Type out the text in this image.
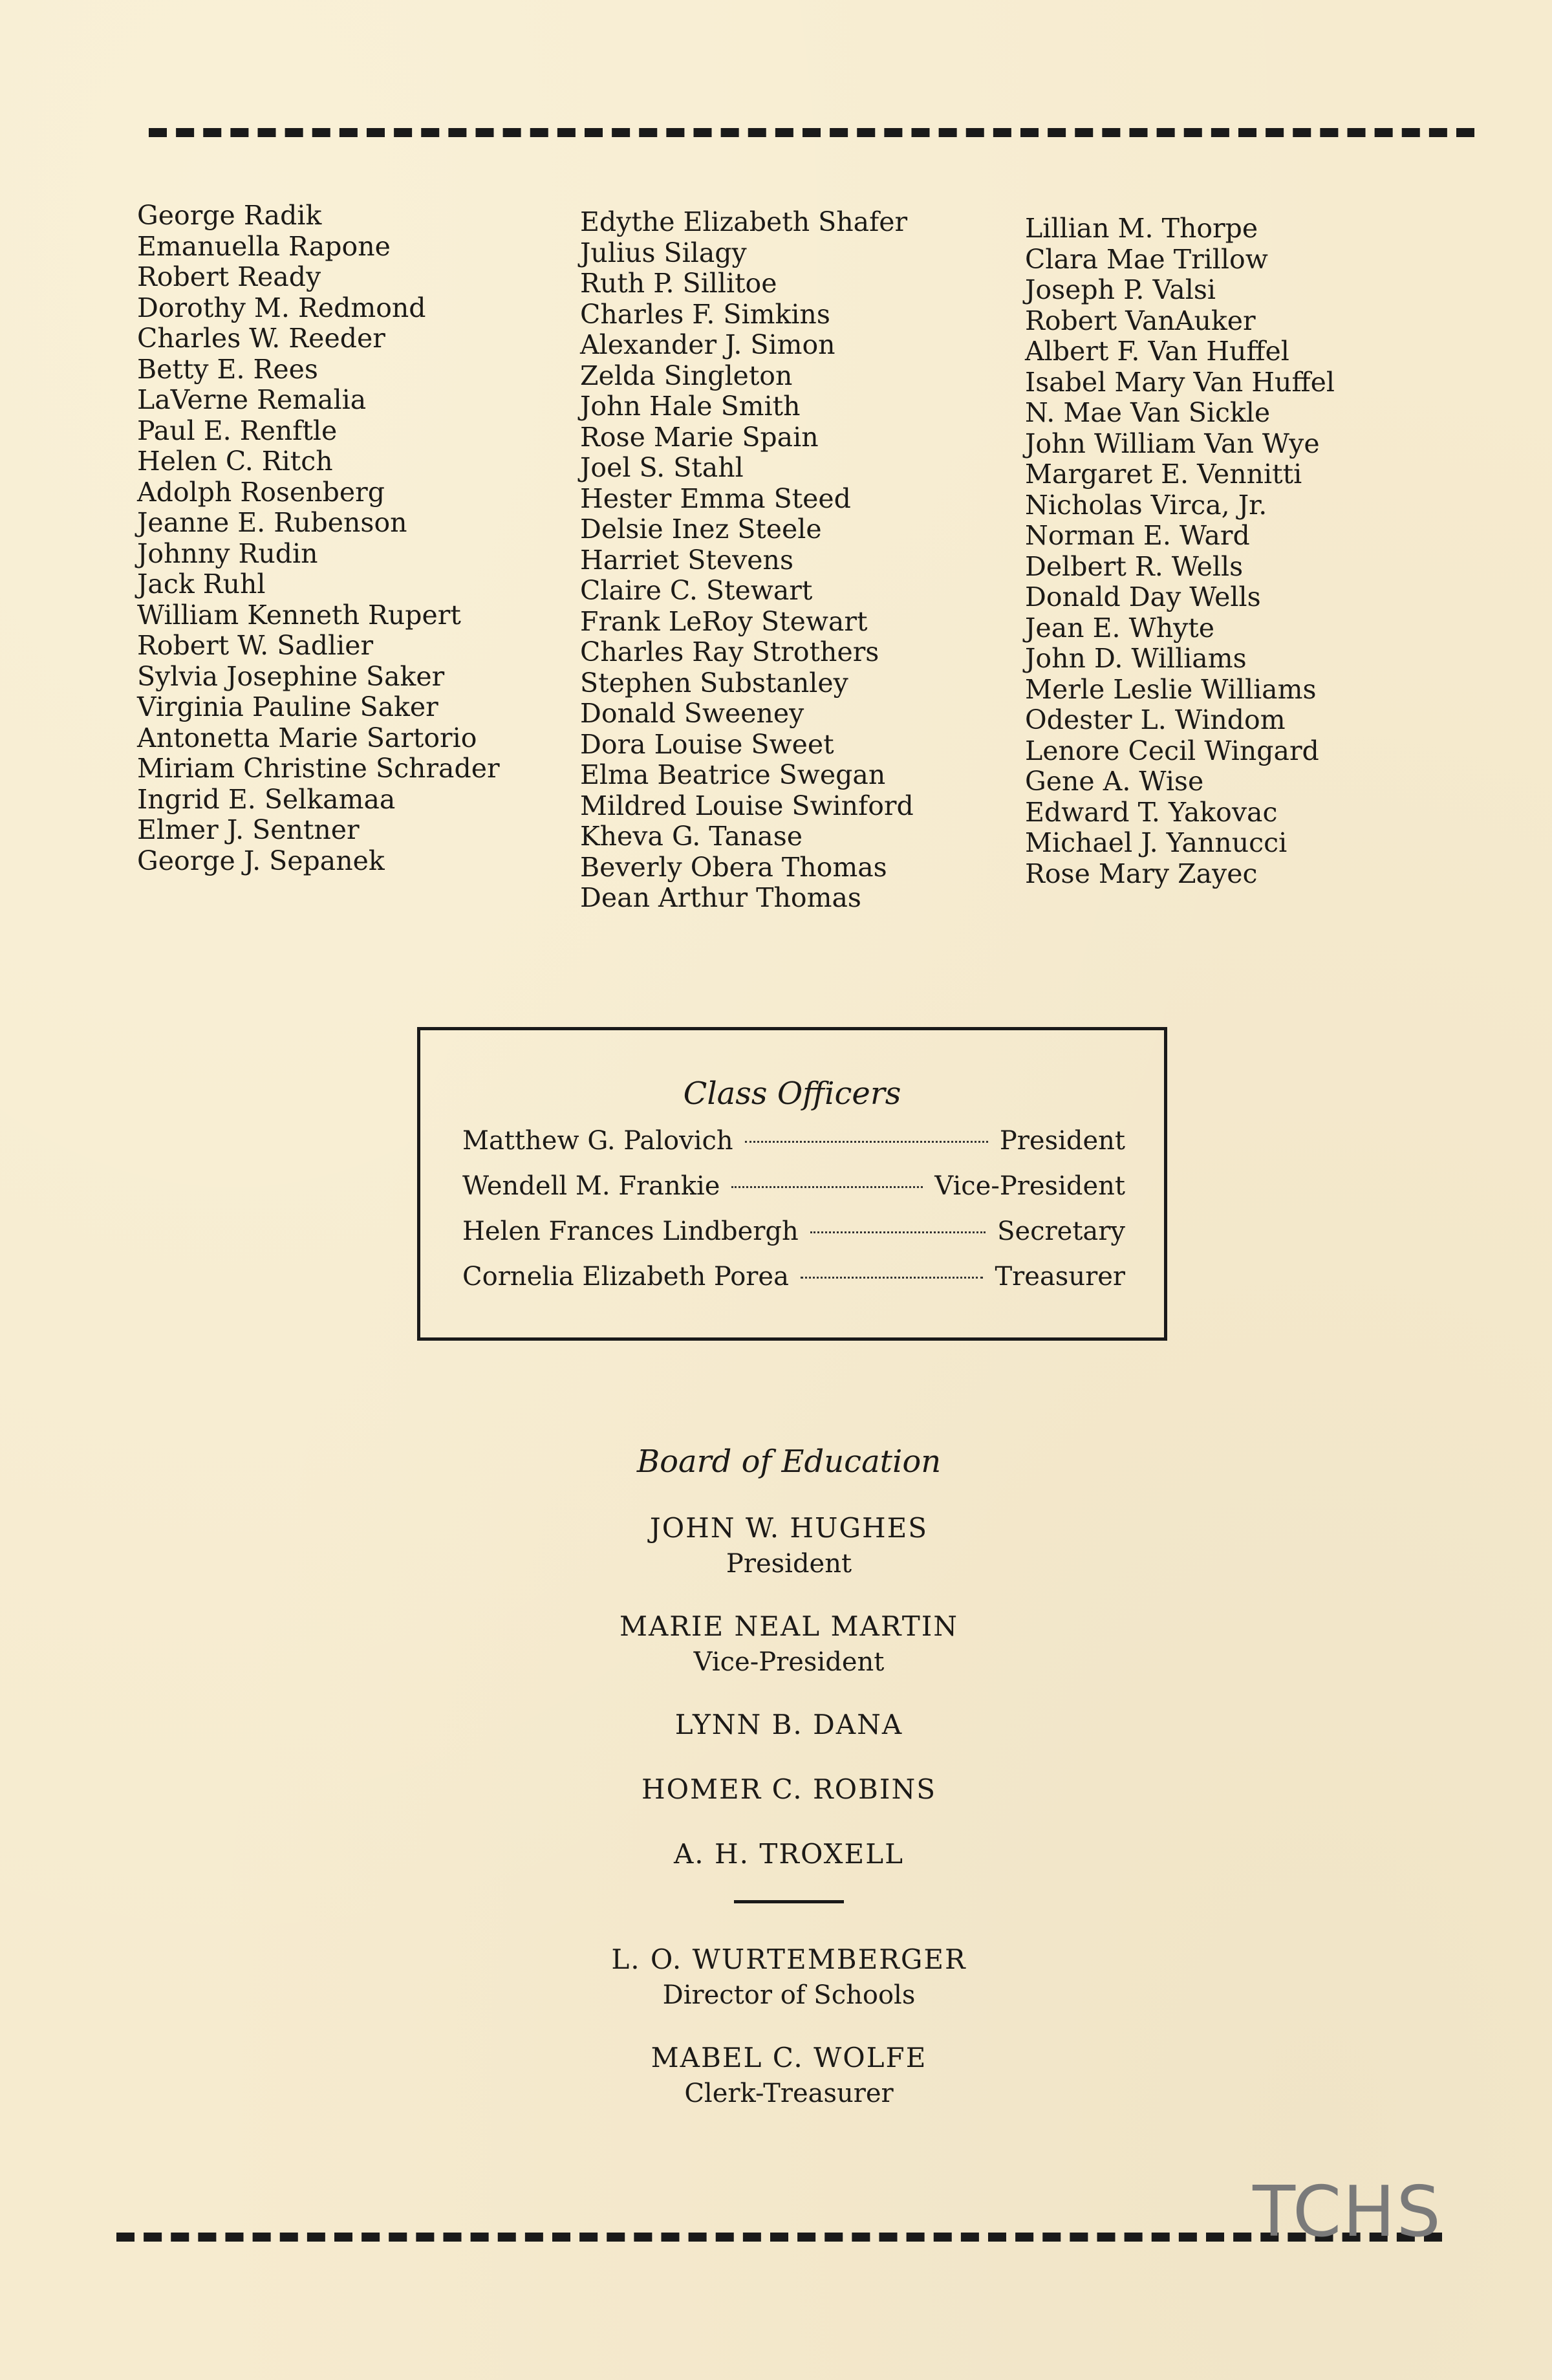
George Radik
Emanuella Rapone
Robert Ready
Dorothy M. Redmond
Charles W. Reeder
Betty E. Rees
LaVerne Remalia
Paul E. Renftle
Helen C. Ritch
Adolph Rosenberg
Jeanne E. Rubenson
Johnny Rudin
Jack Ruhl
William Kenneth Rupert
Robert W. Sadlier
Sylvia Josephine Saker
Virginia Pauline Saker
Antonetta Marie Sartorio
Miriam Christine Schrader
Ingrid E. Selkamaa
Elmer J. Sentner
George J. Sepanek
Edythe Elizabeth Shafer
Julius Silagy
Ruth P. Sillitoe
Charles F. Simkins
Alexander J. Simon
Zelda Singleton
John Hale Smith
Rose Marie Spain
Joel S. Stahl
Hester Emma Steed
Delsie Inez Steele
Harriet Stevens
Claire C. Stewart
Frank LeRoy Stewart
Charles Ray Strothers
Stephen Substanley
Donald Sweeney
Dora Louise Sweet
Elma Beatrice Swegan
Mildred Louise Swinford
Kheva G. Tanase
Beverly Obera Thomas
Dean Arthur Thomas
Lillian M. Thorpe
Clara Mae Trillow
Joseph P. Valsi
Robert VanAuker
Albert F. Van Huffel
Isabel Mary Van Huffel
N. Mae Van Sickle
John William Van Wye
Margaret E. Vennitti
Nicholas Virca, Jr.
Norman E. Ward
Delbert R. Wells
Donald Day Wells
Jean E. Whyte
John D. Williams
Merle Leslie Williams
Odester L. Windom
Lenore Cecil Wingard
Gene A. Wise
Edward T. Yakovac
Michael J. Yannucci
Rose Mary Zayec
Class Officers
Matthew G. Palovich	President
Wendell M. Frankie	Vice-President
Helen Frances Lindbergh	Secretary
Cornelia Elizabeth Porea	Treasurer
Board of Education
JOHN W. HUGHES
President
MARIE NEAL MARTIN
Vice-President
LYNN B. DANA
HOMER C. ROBINS
A. H. TROXELL
L. O. WURTEMBERGER
Director of Schools
MABEL C. WOLFE
Clerk-Treasurer
TCHS
